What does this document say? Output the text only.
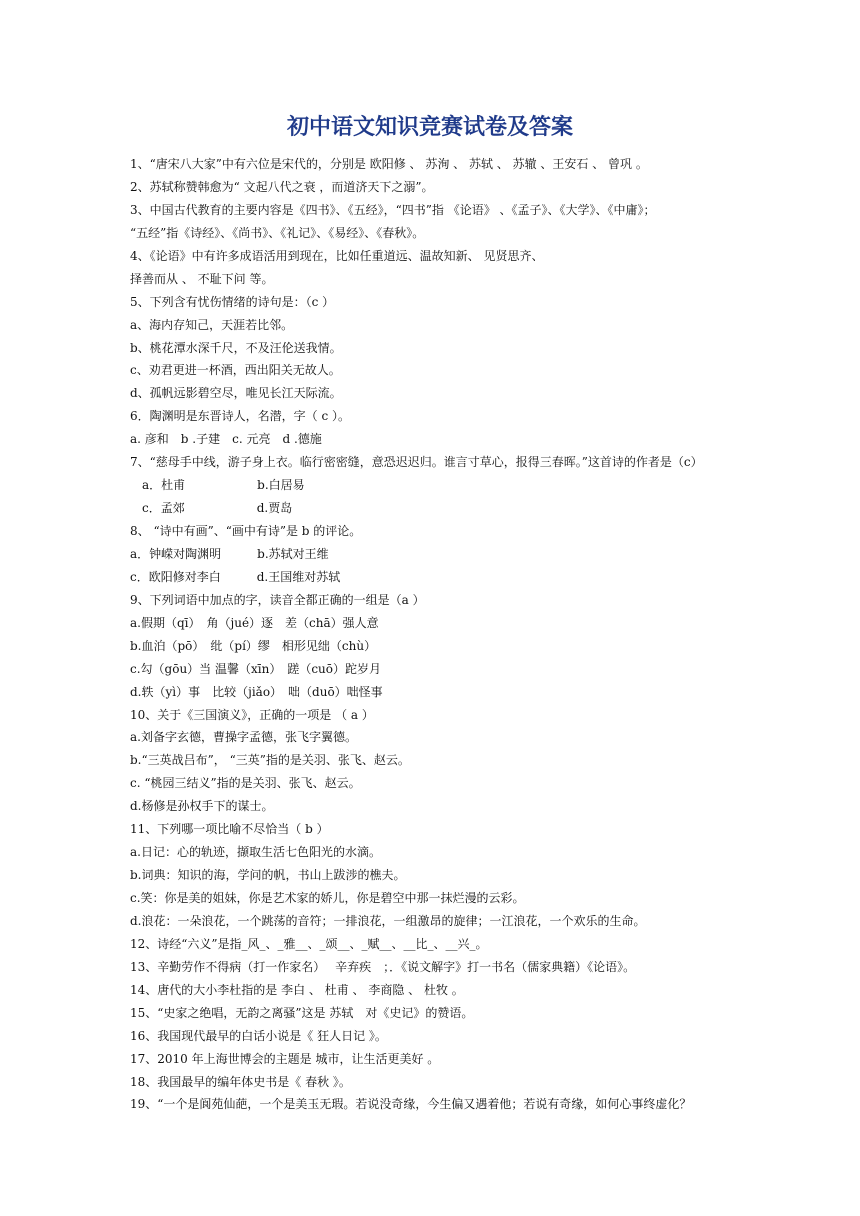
初中语文知识竞赛试卷及答案
1、“唐宋八大家”中有六位是宋代的，分别是 欧阳修 、 苏洵 、 苏轼 、 苏辙 、王安石 、 曾巩 。
2、苏轼称赞韩愈为“ 文起八代之衰 ，而道济天下之溺”。
3、中国古代教育的主要内容是《四书》、《五经》，“四书”指 《论语》 、《孟子》、《大学》、《中庸》；
“五经”指《诗经》、《尚书》、《礼记》、《易经》、《春秋》。
4、《论语》中有许多成语活用到现在，比如任重道远、温故知新、 见贤思齐、
择善而从 、 不耻下问 等。
5、下列含有忧伤情绪的诗句是：（c ）
a、海内存知己，天涯若比邻。
b、桃花潭水深千尺，不及汪伦送我情。
c、劝君更进一杯酒，西出阳关无故人。
d、孤帆远影碧空尽，唯见长江天际流。
6．陶渊明是东晋诗人，名潜，字（ c ）。
a. 彦和　b .子建　c. 元亮　d .德施
7、“慈母手中线，游子身上衣。临行密密缝，意恐迟迟归。谁言寸草心，报得三春晖。”这首诗的作者是（c）
　a．杜甫　　　　　　b.白居易
　c．孟郊　　　　　　d.贾岛
8、 “诗中有画”、“画中有诗”是 b 的评论。
a．钟嵘对陶渊明　　　b.苏轼对王维
c．欧阳修对李白　　　d.王国维对苏轼
9、下列词语中加点的字，读音全都正确的一组是（a ）
a.假期（qī）　角（jué）逐　差（chā）强人意
b.血泊（pō）　纰（pí）缪　相形见绌（chù）
c.勾（gōu）当 温馨（xīn）　蹉（cuō）跎岁月
d.轶（yì）事　比较（jiǎo）　咄（duō）咄怪事
10、关于《三国演义》，正确的一项是 （ a ）
a.刘备字玄德，曹操字孟德，张飞字翼德。
b.“三英战吕布”， “三英”指的是关羽、张飞、赵云。
c. “桃园三结义”指的是关羽、张飞、赵云。
d.杨修是孙权手下的谋士。
11、下列哪一项比喻不尽恰当（ b ）
a.日记：心的轨迹，撷取生活七色阳光的水滴。
b.词典：知识的海，学问的帆，书山上跋涉的樵夫。
c.笑：你是美的姐妹，你是艺术家的娇儿，你是碧空中那一抹烂漫的云彩。
d.浪花：一朵浪花，一个跳荡的音符；一排浪花，一组激昂的旋律；一江浪花，一个欢乐的生命。
12、诗经“六义”是指_风_、_雅__、_颂__、_赋__、__比_、__兴_。
13、辛勤劳作不得病（打一作家名）　 辛弃疾　；．《说文解字》打一书名（儒家典籍）《论语》。
14、唐代的大小李杜指的是 李白 、 杜甫 、 李商隐 、 杜牧 。
15、“史家之绝唱，无韵之离骚”这是 苏轼　对《史记》的赞语。
16、我国现代最早的白话小说是《 狂人日记 》。
17、2010 年上海世博会的主题是 城市，让生活更美好 。
18、我国最早的编年体史书是《 春秋 》。
19、“一个是阆苑仙葩，一个是美玉无瑕。若说没奇缘，今生偏又遇着他；若说有奇缘，如何心事终虚化？
